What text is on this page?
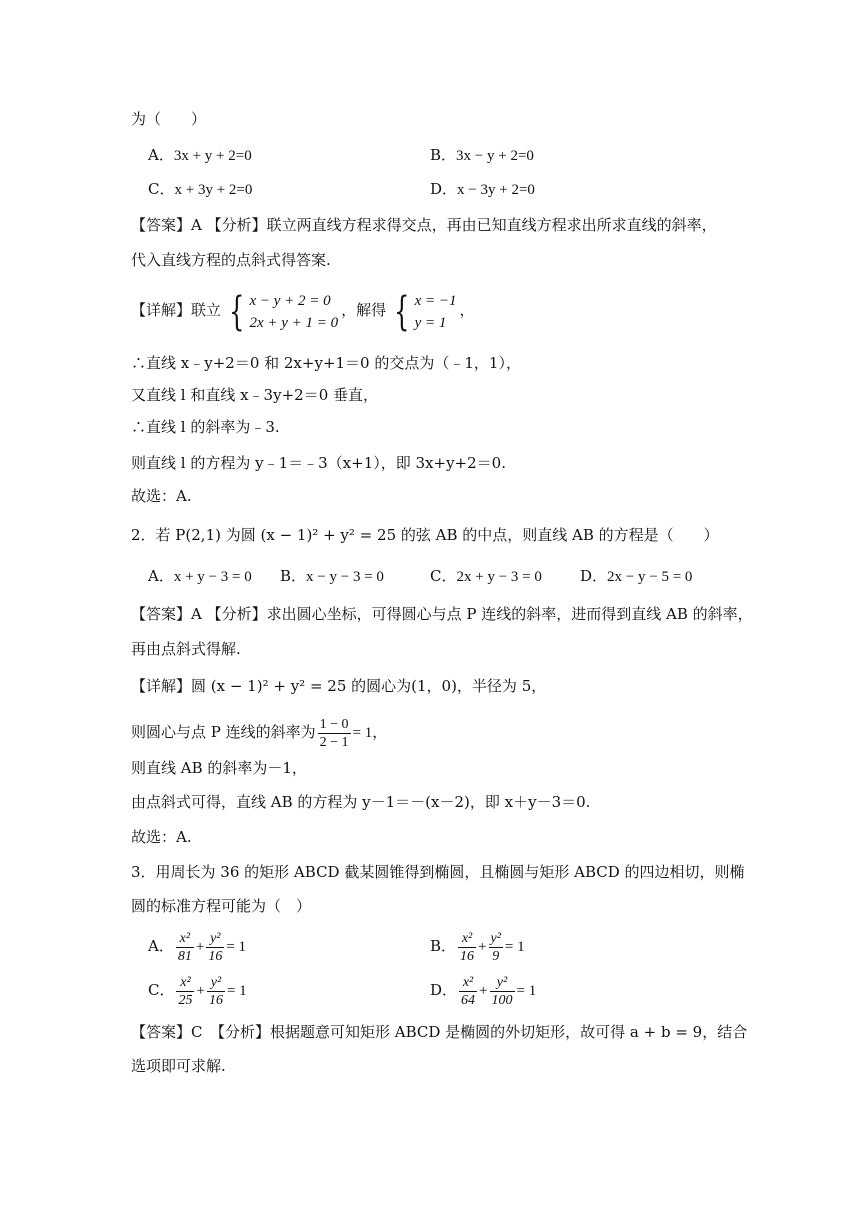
为（　　）
A．3x + y + 2=0	B．3x − y + 2=0
C．x + 3y + 2=0	D．x − 3y + 2=0
【答案】A 【分析】联立两直线方程求得交点，再由已知直线方程求出所求直线的斜率，
代入直线方程的点斜式得答案.
【详解】联立 { x − y + 2 = 0
2x + y + 1 = 0
，解得 { x = −1
y = 1
，
∴直线 x﹣y+2＝0 和 2x+y+1＝0 的交点为（﹣1，1），
又直线 l 和直线 x﹣3y+2＝0 垂直，
∴直线 l 的斜率为﹣3.
则直线 l 的方程为 y﹣1＝﹣3（x+1），即 3x+y+2＝0.
故选：A.
2．若 P(2,1) 为圆 (x − 1)² + y² = 25 的弦 AB 的中点，则直线 AB 的方程是（　　）
A．x + y − 3 = 0 B．x − y − 3 = 0	C．2x + y − 3 = 0	D．2x − y − 5 = 0
【答案】A 【分析】求出圆心坐标，可得圆心与点 P 连线的斜率，进而得到直线 AB 的斜率，
再由点斜式得解.
【详解】圆 (x − 1)² + y² = 25 的圆心为(1，0)，半径为 5，
则圆心与点 P 连线的斜率为 $\frac{1 - 0}{2 - 1} = 1$，
则直线 AB 的斜率为－1，
由点斜式可得，直线 AB 的方程为 y－1＝－(x－2)，即 x＋y－3＝0.
故选：A.
3．用周长为 36 的矩形 ABCD 截某圆锥得到椭圆，且椭圆与矩形 ABCD 的四边相切，则椭
圆的标准方程可能为（　）
A． $\frac{\text{x²}}{81} + \frac{\text{y²}}{16} = 1$	B． $\frac{\text{x²}}{16} + \frac{\text{y²}}{9} = 1$
C． $\frac{\text{x²}}{25} + \frac{\text{y²}}{16} = 1$	D． $\frac{\text{x²}}{64} + \frac{\text{y²}}{100} = 1$
【答案】C　【分析】根据题意可知矩形 ABCD 是椭圆的外切矩形，故可得 a + b = 9，结合
选项即可求解.
